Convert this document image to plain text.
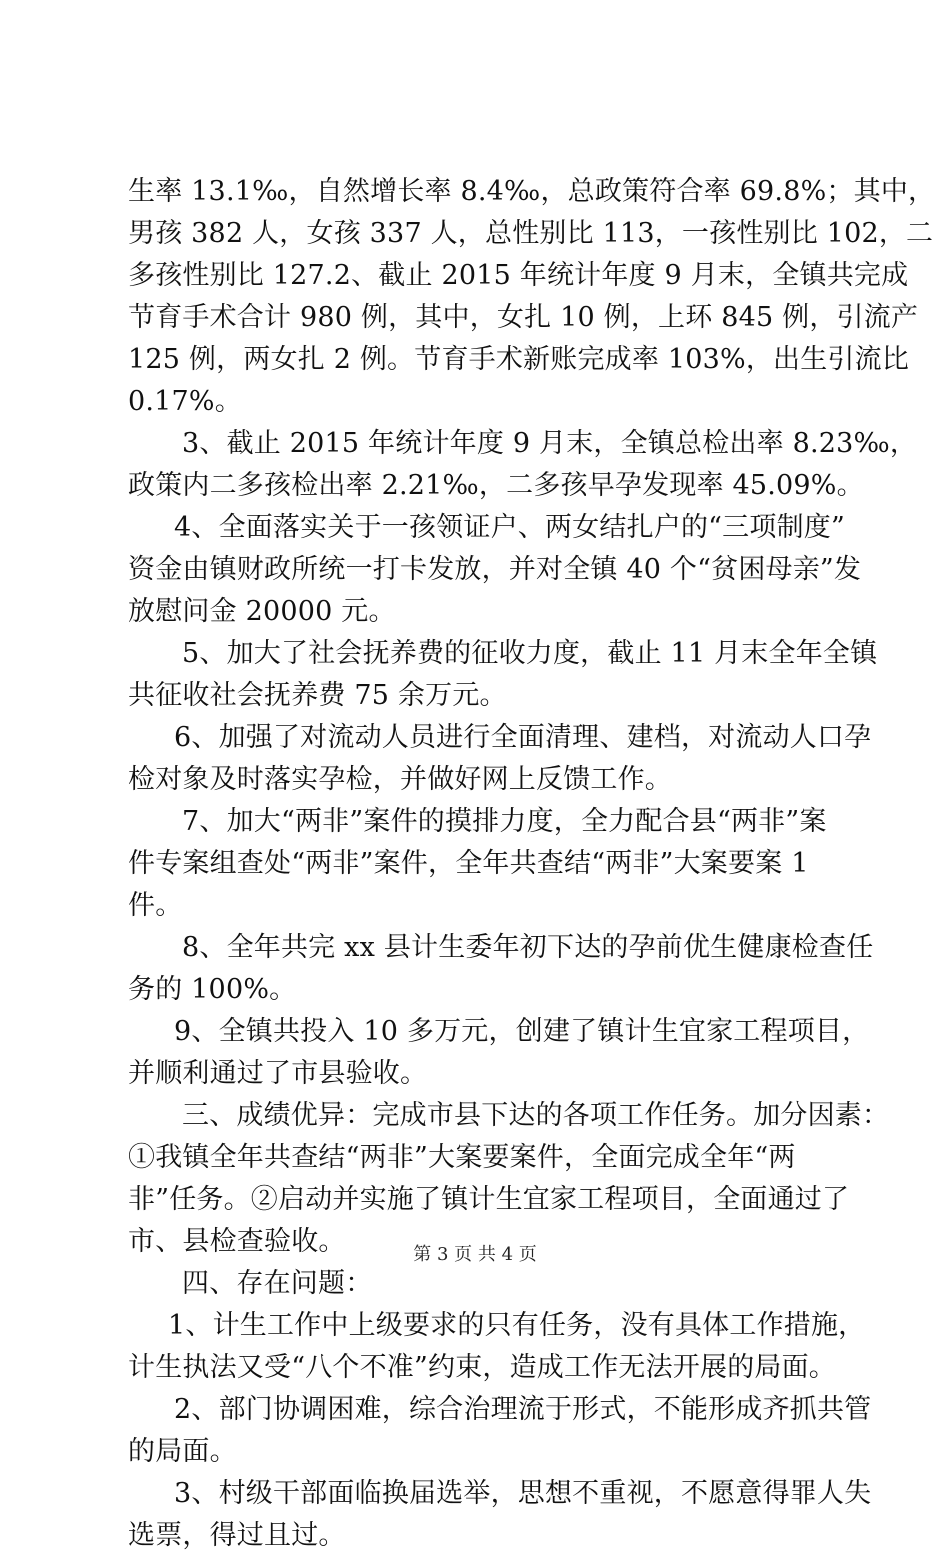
生率 13.1‰，自然增长率 8.4‰，总政策符合率 69.8%；其中，
男孩 382 人，女孩 337 人，总性别比 113，一孩性别比 102，二
多孩性别比 127.2、截止 2015 年统计年度 9 月末，全镇共完成
节育手术合计 980 例，其中，女扎 10 例，上环 845 例，引流产
125 例，两女扎 2 例。节育手术新账完成率 103%，出生引流比
0.17%。
3、截止 2015 年统计年度 9 月末，全镇总检出率 8.23‰，
政策内二多孩检出率 2.21‰，二多孩早孕发现率 45.09%。
4、全面落实关于一孩领证户、两女结扎户的“三项制度”
资金由镇财政所统一打卡发放，并对全镇 40 个“贫困母亲”发
放慰问金 20000 元。
5、加大了社会抚养费的征收力度，截止 11 月末全年全镇
共征收社会抚养费 75 余万元。
6、加强了对流动人员进行全面清理、建档，对流动人口孕
检对象及时落实孕检，并做好网上反馈工作。
7、加大“两非”案件的摸排力度，全力配合县“两非”案
件专案组查处“两非”案件，全年共查结“两非”大案要案 1
件。
8、全年共完 xx 县计生委年初下达的孕前优生健康检查任
务的 100%。
9、全镇共投入 10 多万元，创建了镇计生宜家工程项目，
并顺利通过了市县验收。
三、成绩优异：完成市县下达的各项工作任务。加分因素：
①我镇全年共查结“两非”大案要案件，全面完成全年“两
非”任务。②启动并实施了镇计生宜家工程项目，全面通过了
市、县检查验收。
四、存在问题：
1、计生工作中上级要求的只有任务，没有具体工作措施，
计生执法又受“八个不准”约束，造成工作无法开展的局面。
2、部门协调困难，综合治理流于形式，不能形成齐抓共管
的局面。
3、村级干部面临换届选举，思想不重视，不愿意得罪人失
选票，得过且过。
第 3 页 共 4 页
